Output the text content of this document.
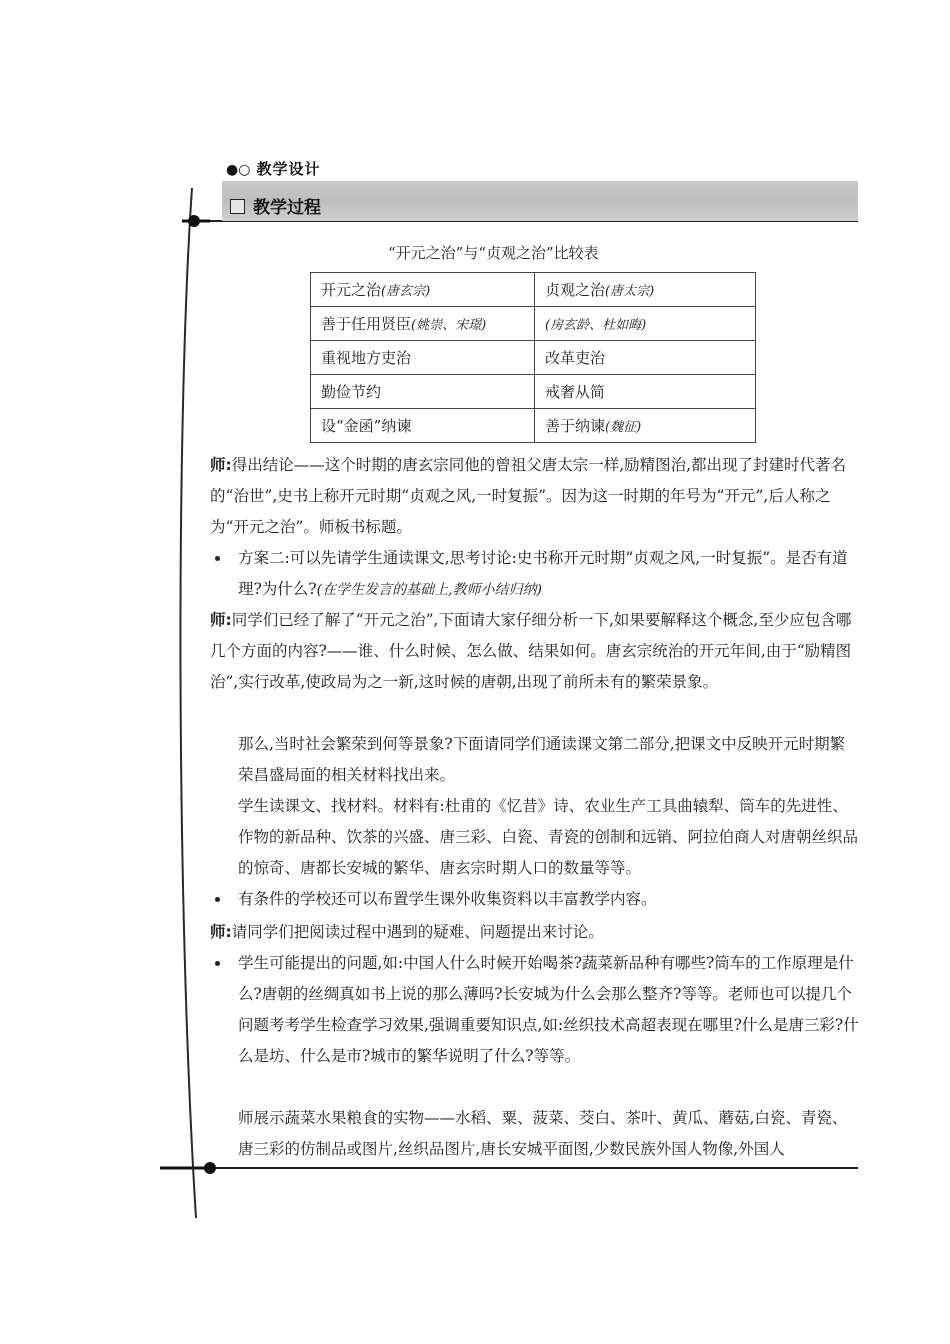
●○ 教学设计
教学过程
“开元之治”与“贞观之治”比较表
开元之治(唐玄宗)	贞观之治(唐太宗)
善于任用贤臣(姚崇、宋璟)	(房玄龄、杜如晦)
重视地方吏治	改革吏治
勤俭节约	戒奢从简
设“金函”纳谏	善于纳谏(魏征)
师:得出结论——这个时期的唐玄宗同他的曾祖父唐太宗一样,励精图治,都出现了封建时代著名的“治世”,史书上称开元时期“贞观之风,一时复振”。因为这一时期的年号为“开元”,后人称之为“开元之治”。师板书标题。
方案二:可以先请学生通读课文,思考讨论:史书称开元时期“贞观之风,一时复振”。是否有道理?为什么?(在学生发言的基础上,教师小结归纳)
师:同学们已经了解了“开元之治”,下面请大家仔细分析一下,如果要解释这个概念,至少应包含哪几个方面的内容?——谁、什么时候、怎么做、结果如何。唐玄宗统治的开元年间,由于“励精图治”,实行改革,使政局为之一新,这时候的唐朝,出现了前所未有的繁荣景象。
那么,当时社会繁荣到何等景象?下面请同学们通读课文第二部分,把课文中反映开元时期繁荣昌盛局面的相关材料找出来。
学生读课文、找材料。材料有:杜甫的《忆昔》诗、农业生产工具曲辕犁、筒车的先进性、作物的新品种、饮茶的兴盛、唐三彩、白瓷、青瓷的创制和远销、阿拉伯商人对唐朝丝织品的惊奇、唐都长安城的繁华、唐玄宗时期人口的数量等等。
有条件的学校还可以布置学生课外收集资料以丰富教学内容。
师:请同学们把阅读过程中遇到的疑难、问题提出来讨论。
学生可能提出的问题,如:中国人什么时候开始喝茶?蔬菜新品种有哪些?筒车的工作原理是什么?唐朝的丝绸真如书上说的那么薄吗?长安城为什么会那么整齐?等等。老师也可以提几个问题考考学生检查学习效果,强调重要知识点,如:丝织技术高超表现在哪里?什么是唐三彩?什么是坊、什么是市?城市的繁华说明了什么?等等。
师展示蔬菜水果粮食的实物——水稻、粟、菠菜、茭白、茶叶、黄瓜、蘑菇,白瓷、青瓷、唐三彩的仿制品或图片,丝织品图片,唐长安城平面图,少数民族外国人物像,外国人
